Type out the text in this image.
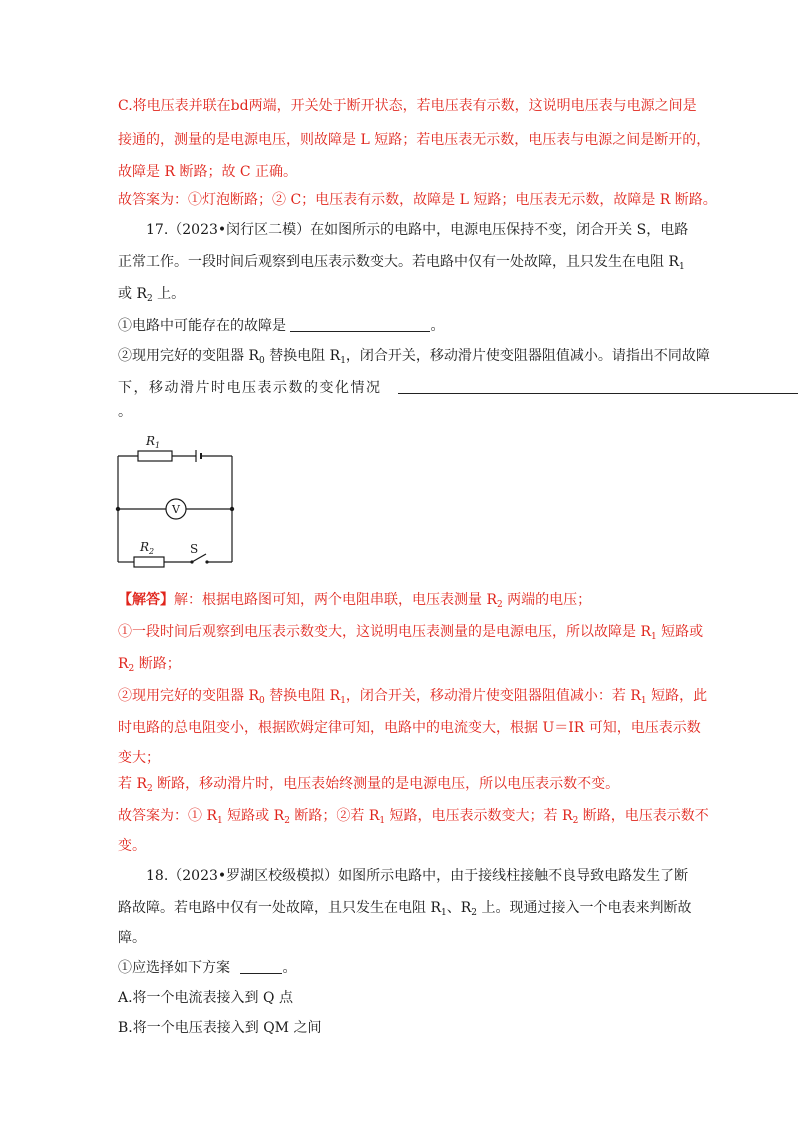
C.将电压表并联在bd两端，开关处于断开状态，若电压表有示数，这说明电压表与电源之间是
接通的，测量的是电源电压，则故障是 L 短路；若电压表无示数，电压表与电源之间是断开的，
故障是 R 断路；故 C 正确。
故答案为：①灯泡断路；② C；电压表有示数，故障是 L 短路；电压表无示数，故障是 R 断路。
17.（2023•闵行区二模）在如图所示的电路中，电源电压保持不变，闭合开关 S，电路
正常工作。一段时间后观察到电压表示数变大。若电路中仅有一处故障，且只发生在电阻 $R_1$
或 $R_2$ 上。
①电路中可能存在的故障是	。
②现用完好的变阻器 $R_0$ 替换电阻 $R_1$，闭合开关，移动滑片使变阻器阻值减小。请指出不同故障
下，移动滑片时电压表示数的变化情况
。
R 1
R 2	S
V
【解答】解：根据电路图可知，两个电阻串联，电压表测量 $R_2$ 两端的电压；
①一段时间后观察到电压表示数变大，这说明电压表测量的是电源电压，所以故障是 $R_1$ 短路或
$R_2$ 断路；
②现用完好的变阻器 $R_0$ 替换电阻 $R_1$，闭合开关，移动滑片使变阻器阻值减小：若 $R_1$ 短路，此
时电路的总电阻变小，根据欧姆定律可知，电路中的电流变大，根据 U＝IR 可知，电压表示数
变大；
若 $R_2$ 断路，移动滑片时，电压表始终测量的是电源电压，所以电压表示数不变。
故答案为：① $R_1$ 短路或 $R_2$ 断路；②若 $R_1$ 短路，电压表示数变大；若 $R_2$ 断路，电压表示数不
变。
18.（2023•罗湖区校级模拟）如图所示电路中，由于接线柱接触不良导致电路发生了断
路故障。若电路中仅有一处故障，且只发生在电阻 $R_1$、$R_2$ 上。现通过接入一个电表来判断故
障。
①应选择如下方案	。
A.将一个电流表接入到 Q 点
B.将一个电压表接入到 QM 之间
